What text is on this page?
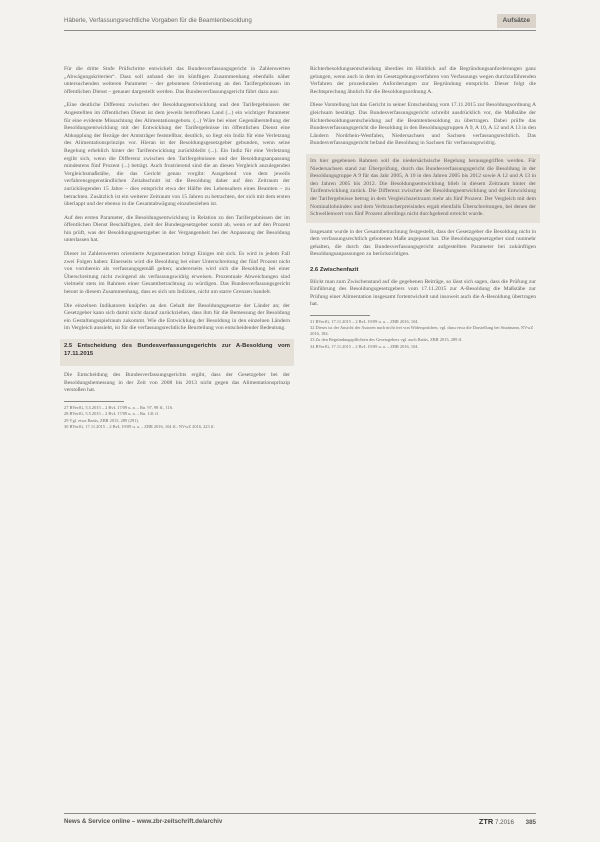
Häberle, Verfassungsrechtliche Vorgaben für die Beamtenbesoldung	Aufsätze

Für die dritte Stufe Prüfschritte entwickelt das Bundesverfassungsgericht in Zahlenwerten „Abwägungskriterien“. Dass soll anhand der im künftigen Zusammenhang ebenfalls näher untersuchenden weiteren Parameter – der gebotenen Orientierung an den Tarifergebnissen im öffentlichen Dienst – genauer dargestellt werden. Das Bundesverfassungsgericht führt dazu aus:

„Eine deutliche Differenz zwischen der Besoldungsentwicklung und den Tarifergebnissen der Angestellten im öffentlichen Dienst ist dem jeweils betroffenen Land (...) ein wichtiger Parameter für eine evidente Missachtung des Alimentationsgebots. (...) Wäre bei einer Gegenüberstellung der Besoldungsentwicklung mit der Entwicklung der Tarifergebnisse im öffentlichen Dienst eine Abkopplung der Bezüge der Amtsträger feststellbar, deutlich, so liegt ein Indiz für eine Verletzung des Alimentationsprinzips vor. Hieran ist der Besoldungsgesetzgeber gebunden, wenn seine Regelung erheblich hinter der Tarifentwicklung zurückbleibt (...). Ein Indiz für eine Verletzung ergibt sich, wenn die Differenz zwischen den Tarifergebnissen und der Besoldungsanpassung mindestens fünf Prozent (...) beträgt. Auch frustrierend sind die an diesen Vergleich anzulegenden Vergleichsmaßstäbe, die das Gericht genau vorgibt: Ausgehend von dem jeweils verfahrensgegenständlichen Zeitabschnitt ist die Besoldung daher auf den Zeitraum der zurückliegenden 15 Jahre – dies entspricht etwa der Hälfte des Lebensalters eines Beamten – zu betrachten. Zusätzlich ist ein weiterer Zeitraum von 15 Jahren zu betrachten, der sich mit dem ersten überlappt und der ebenso in die Gesamtabwägung einzubeziehen ist.

Auf den ersten Parameter, die Besoldungsentwicklung in Relation zu den Tarifergebnissen der im öffentlichen Dienst Beschäftigten, zielt der Bundesgesetzgeber somit ab, wenn er auf den Prozent hin prüft, was der Besoldungsgesetzgeber in der Vergangenheit bei der Anpassung der Besoldung unterlassen hat.

Dieser ist Zahlenwerten orientierte Argumentation bringt Einiges mit sich. Es wird in jedem Fall zwei Folgen haben: Einerseits wird die Besoldung bei einer Unterschreitung der fünf Prozent nicht von vornherein als verfassungsgemäß gelten; andererseits wird sich die Besoldung bei einer Überschreitung nicht zwingend als verfassungswidrig erweisen. Prozentuale Abweichungen sind vielmehr stets im Rahmen einer Gesamtbetrachtung zu würdigen. Das Bundesverfassungsgericht betont in diesem Zusammenhang, dass es sich um Indizien, nicht um starre Grenzen handelt.

Die einzelnen Indikatoren knüpfen an den Gehalt der Besoldungsgesetze der Länder an; der Gesetzgeber kann sich damit nicht darauf zurückziehen, dass ihm für die Bemessung der Besoldung ein Gestaltungsspielraum zukommt. Wie die Entwicklung der Besoldung in den einzelnen Ländern im Vergleich aussieht, ist für die verfassungsrechtliche Beurteilung von entscheidender Bedeutung.

2.5 Entscheidung des Bundesverfassungsgerichts zur A-Besoldung vom 17.11.2015

Die Entscheidung des Bundesverfassungsgerichts ergibt, dass der Gesetzgeber bei der Besoldungsbemessung in der Zeit von 2008 bis 2013 nicht gegen das Alimentationsprinzip verstoßen hat.

27 BVerfG, 5.5.2015 – 2 BvL 17/09 u. a. – Rn. 97, 98 ff., 116.
28 BVerfG, 5.5.2015 – 2 BvL 17/09 u. a. – Rn. 141 ff.
29 Vgl. etwa Battis, ZBR 2015, 289 (291).
30 BVerfG, 17.11.2015 – 2 BvL 19/09 u. a. – ZBR 2016, 104 ff.; NVwZ 2016, 223 ff.

Richterbesoldungsentscheidung überdies im Hinblick auf die Begründungsanforderungen ganz gelungen, wenn auch in dem im Gesetzgebungsverfahren von Verfassungs wegen durchzuführenden Verfahren der prozeduralen Anforderungen zur Begründung entspricht. Dieser folgt die Rechtsprechung ähnlich für die Besoldungsordnung A.

Diese Vorstellung hat das Gericht in seiner Entscheidung vom 17.11.2015 zur Besoldungsordnung A gleichsam bestätigt. Das Bundesverfassungsgericht schreibt ausdrücklich vor, die Maßstäbe der Richterbesoldungsentscheidung auf die Beamtenbesoldung zu übertragen. Dabei prüfte das Bundesverfassungsgericht die Besoldung in den Besoldungsgruppen A 9, A 10, A 12 und A 13 in den Ländern Nordrhein-Westfalen, Niedersachsen und Sachsen verfassungsrechtlich. Das Bundesverfassungsgericht befand die Besoldung in Sachsen für verfassungswidrig.

Im hier gegebenen Rahmen soll die niedersächsische Regelung herausgegriffen werden. Für Niedersachsen stand zur Überprüfung, durch das Bundesverfassungsgericht die Besoldung in der Besoldungsgruppe A 9 für das Jahr 2005, A 10 in den Jahren 2005 bis 2012 sowie A 12 und A 13 in den Jahren 2005 bis 2012. Die Besoldungsentwicklung blieb in diesem Zeitraum hinter der Tarifentwicklung zurück. Die Differenz zwischen der Besoldungsentwicklung und der Entwicklung der Tarifergebnisse betrug in dem Vergleichszeitraum mehr als fünf Prozent. Der Vergleich mit dem Nominallohnindex und dem Verbraucherpreisindex ergab ebenfalls Überschreitungen, bei denen der Schwellenwert von fünf Prozent allerdings nicht durchgehend erreicht wurde.

Insgesamt wurde in der Gesamtbetrachtung festgestellt, dass der Gesetzgeber die Besoldung nicht in dem verfassungsrechtlich gebotenen Maße angepasst hat. Die Besoldungsgesetzgeber sind nunmehr gehalten, die durch das Bundesverfassungsgericht aufgestellten Parameter bei zukünftigen Besoldungsanpassungen zu berücksichtigen.

2.6 Zwischenfazit

Blickt man zum Zwischenstand auf die gegebenen Beiträge, so lässt sich sagen, dass die Prüfung zur Einführung des Besoldungsgesetzgebers vom 17.11.2015 zur A-Besoldung die Maßstäbe zur Prüfung einer Alimentation insgesamt fortentwickelt und insoweit auch die A-Besoldung übertragen hat.

31 BVerfG, 17.11.2015 – 2 BvL 19/09 u. a. – ZBR 2016, 104.
32 Dieses ist der Ansicht der Autoren nach nicht frei von Widersprüchen, vgl. dazu etwa die Darstellung bei Stuttmann, NVwZ 2016, 184.
33 Zu den Begründungspflichten des Gesetzgebers vgl. auch Battis, ZBR 2015, 289 ff.
34 BVerfG, 17.11.2015 – 2 BvL 19/09 u. a. – ZBR 2016, 104.
News & Service online – www.zbr-zeitschrift.de/archiv	ZTR 7.2016 385
